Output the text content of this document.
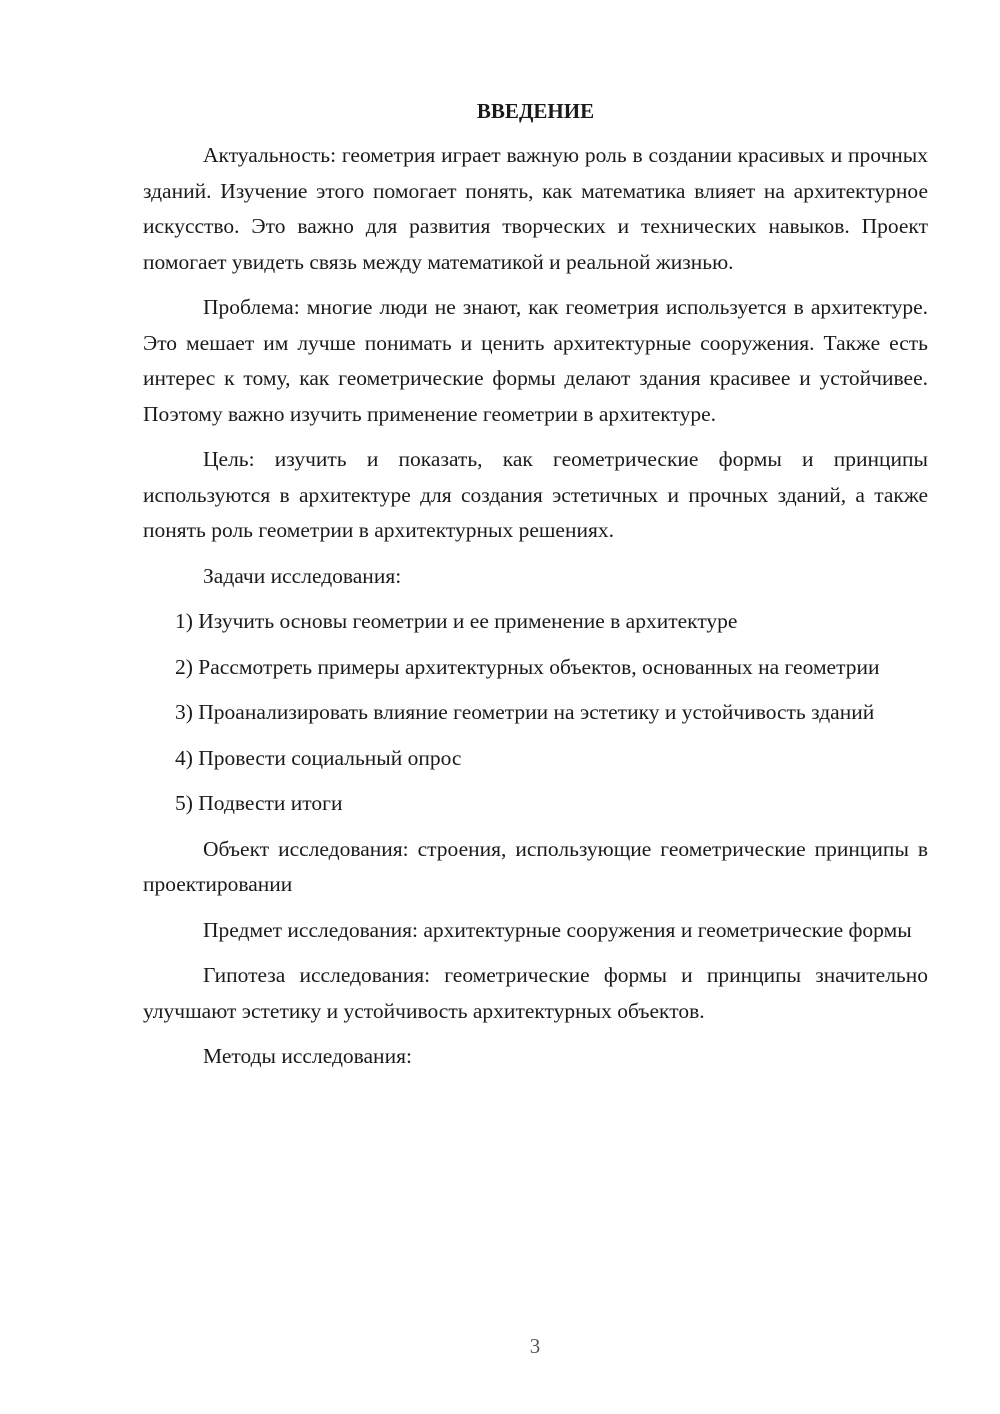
ВВЕДЕНИЕ

Актуальность: геометрия играет важную роль в создании красивых и прочных зданий. Изучение этого помогает понять, как математика влияет на архитектурное искусство. Это важно для развития творческих и технических навыков. Проект помогает увидеть связь между математикой и реальной жизнью.

Проблема: многие люди не знают, как геометрия используется в архитектуре. Это мешает им лучше понимать и ценить архитектурные сооружения. Также есть интерес к тому, как геометрические формы делают здания красивее и устойчивее. Поэтому важно изучить применение геометрии в архитектуре.

Цель: изучить и показать, как геометрические формы и принципы используются в архитектуре для создания эстетичных и прочных зданий, а также понять роль геометрии в архитектурных решениях.

Задачи исследования:

1) Изучить основы геометрии и ее применение в архитектуре

2) Рассмотреть примеры архитектурных объектов, основанных на геометрии

3) Проанализировать влияние геометрии на эстетику и устойчивость зданий

4) Провести социальный опрос

5) Подвести итоги

Объект исследования: строения, использующие геометрические принципы в проектировании

Предмет исследования: архитектурные сооружения и геометрические формы

Гипотеза исследования: геометрические формы и принципы значительно улучшают эстетику и устойчивость архитектурных объектов.

Методы исследования:

3
